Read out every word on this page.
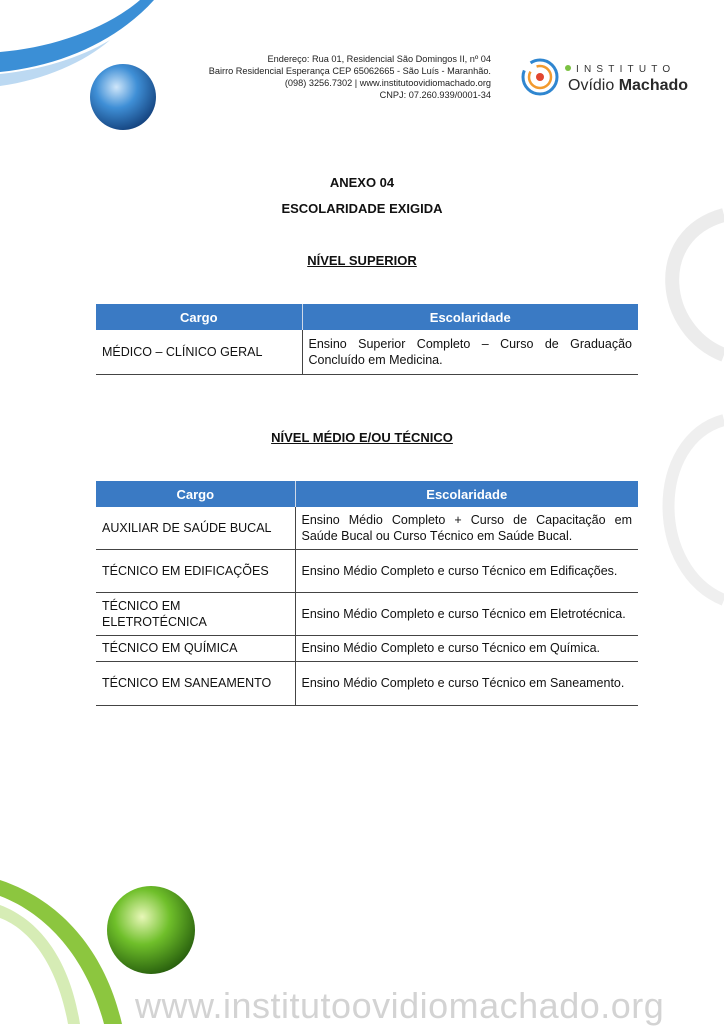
Endereço: Rua 01, Residencial São Domingos II, nº 04
Bairro Residencial Esperança CEP 65062665 - São Luís - Maranhão.
(098) 3256.7302 | www.institutoovidiomachado.org
CNPJ: 07.260.939/0001-34
INSTITUTO
Ovídio Machado
ANEXO 04
ESCOLARIDADE EXIGIDA
NÍVEL SUPERIOR
Cargo	Escolaridade
MÉDICO – CLÍNICO GERAL	Ensino Superior Completo – Curso de Graduação Concluído em Medicina.
NÍVEL MÉDIO E/OU TÉCNICO
Cargo	Escolaridade
AUXILIAR DE SAÚDE BUCAL	Ensino Médio Completo + Curso de Capacitação em Saúde Bucal ou Curso Técnico em Saúde Bucal.
TÉCNICO EM EDIFICAÇÕES	Ensino Médio Completo e curso Técnico em Edificações.
TÉCNICO EM ELETROTÉCNICA	Ensino Médio Completo e curso Técnico em Eletrotécnica.
TÉCNICO EM QUÍMICA	Ensino Médio Completo e curso Técnico em Química.
TÉCNICO EM SANEAMENTO	Ensino Médio Completo e curso Técnico em Saneamento.
www.institutoovidiomachado.org
